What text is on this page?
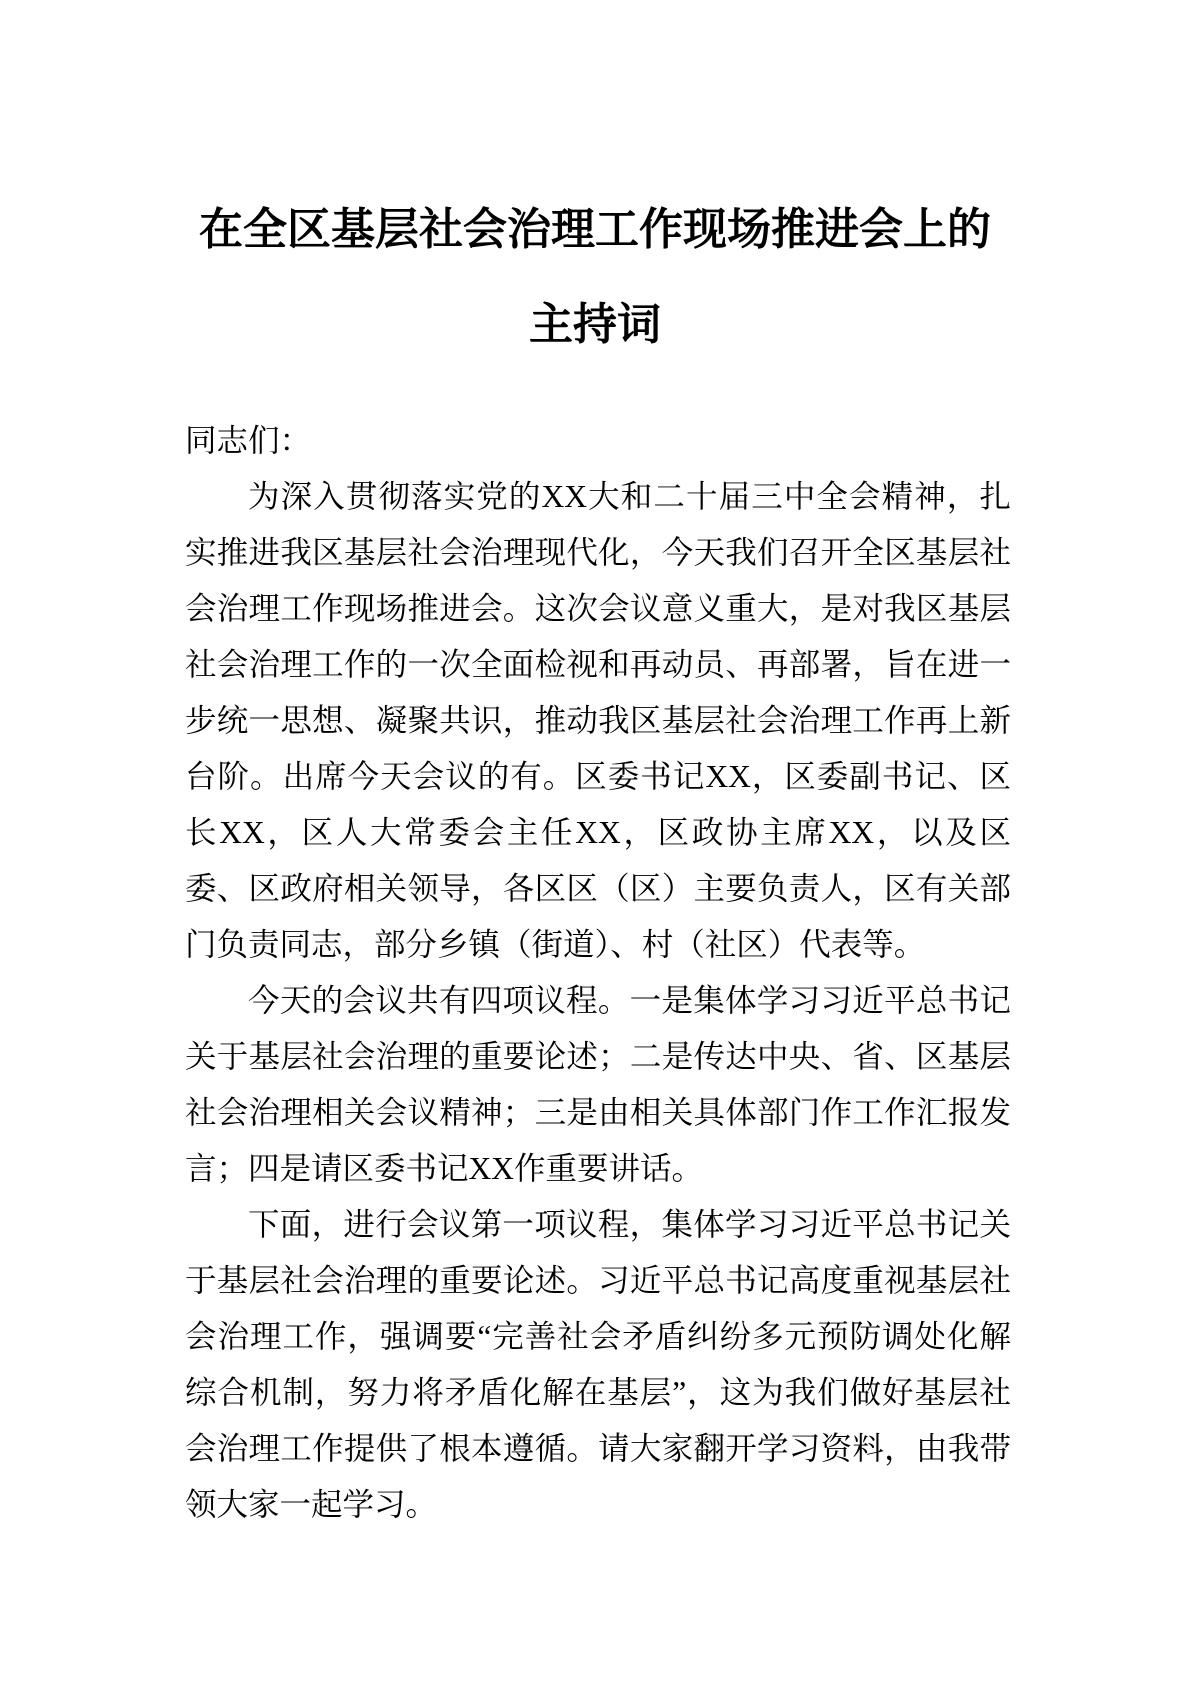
在全区基层社会治理工作现场推进会上的
主持词

同志们：

为深入贯彻落实党的XX大和二十届三中全会精神，扎实推进我区基层社会治理现代化，今天我们召开全区基层社会治理工作现场推进会。这次会议意义重大，是对我区基层社会治理工作的一次全面检视和再动员、再部署，旨在进一步统一思想、凝聚共识，推动我区基层社会治理工作再上新台阶。出席今天会议的有。区委书记XX，区委副书记、区长XX，区人大常委会主任XX，区政协主席XX，以及区委、区政府相关领导，各区区（区）主要负责人，区有关部门负责同志，部分乡镇（街道）、村（社区）代表等。

今天的会议共有四项议程。一是集体学习习近平总书记关于基层社会治理的重要论述；二是传达中央、省、区基层社会治理相关会议精神；三是由相关具体部门作工作汇报发言；四是请区委书记XX作重要讲话。

下面，进行会议第一项议程，集体学习习近平总书记关于基层社会治理的重要论述。习近平总书记高度重视基层社会治理工作，强调要“完善社会矛盾纠纷多元预防调处化解综合机制，努力将矛盾化解在基层”，这为我们做好基层社会治理工作提供了根本遵循。请大家翻开学习资料，由我带领大家一起学习。
